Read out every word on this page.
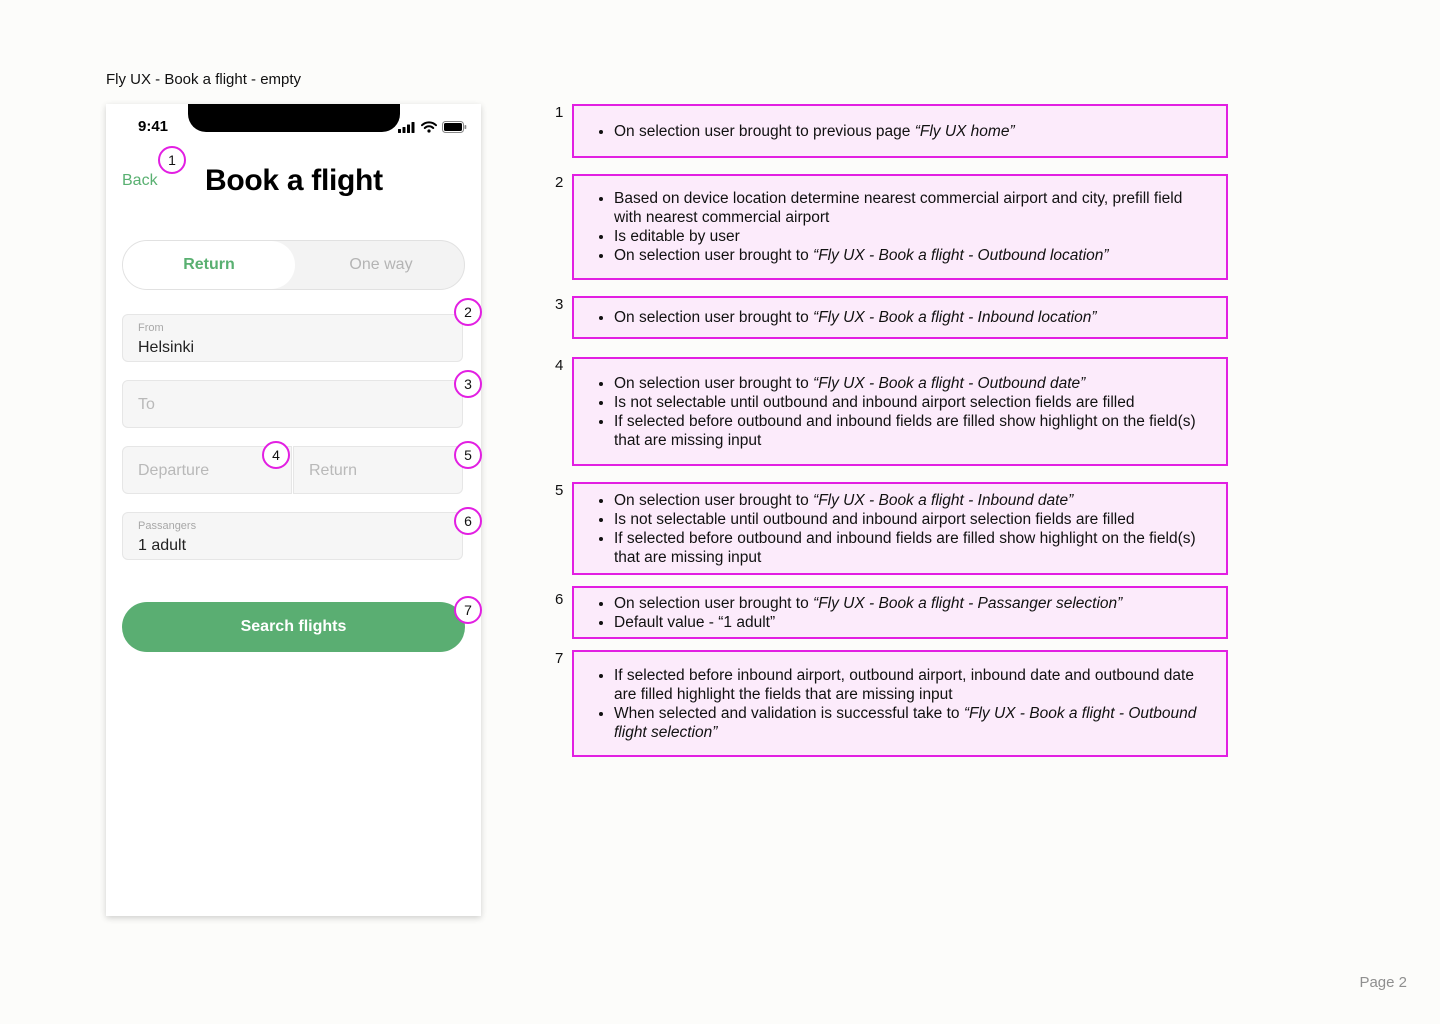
Fly UX - Book a flight - empty
9:41
Back Book a flight
Return	One way
From
Helsinki
To
Departure	Return
Passangers
1 adult
Search flights
1
2
3
4	5
6
7
1
• On selection user brought to previous page “Fly UX home”
2
• Based on device location determine nearest commercial airport and city, prefill field with nearest commercial airport
• Is editable by user
• On selection user brought to “Fly UX - Book a flight - Outbound location”
3
• On selection user brought to “Fly UX - Book a flight - Inbound location”
4
• On selection user brought to “Fly UX - Book a flight - Outbound date”
• Is not selectable until outbound and inbound airport selection fields are filled
• If selected before outbound and inbound fields are filled show highlight on the field(s) that are missing input
5
• On selection user brought to “Fly UX - Book a flight - Inbound date”
• Is not selectable until outbound and inbound airport selection fields are filled
• If selected before outbound and inbound fields are filled show highlight on the field(s) that are missing input
6
•	On selection user brought to “Fly UX - Book a flight - Passanger selection”
• Default value - “1 adult”
7
• If selected before inbound airport, outbound airport, inbound date and outbound date are filled highlight the fields that are missing input
• When selected and validation is successful take to “Fly UX - Book a flight - Outbound flight selection”
Page 2
